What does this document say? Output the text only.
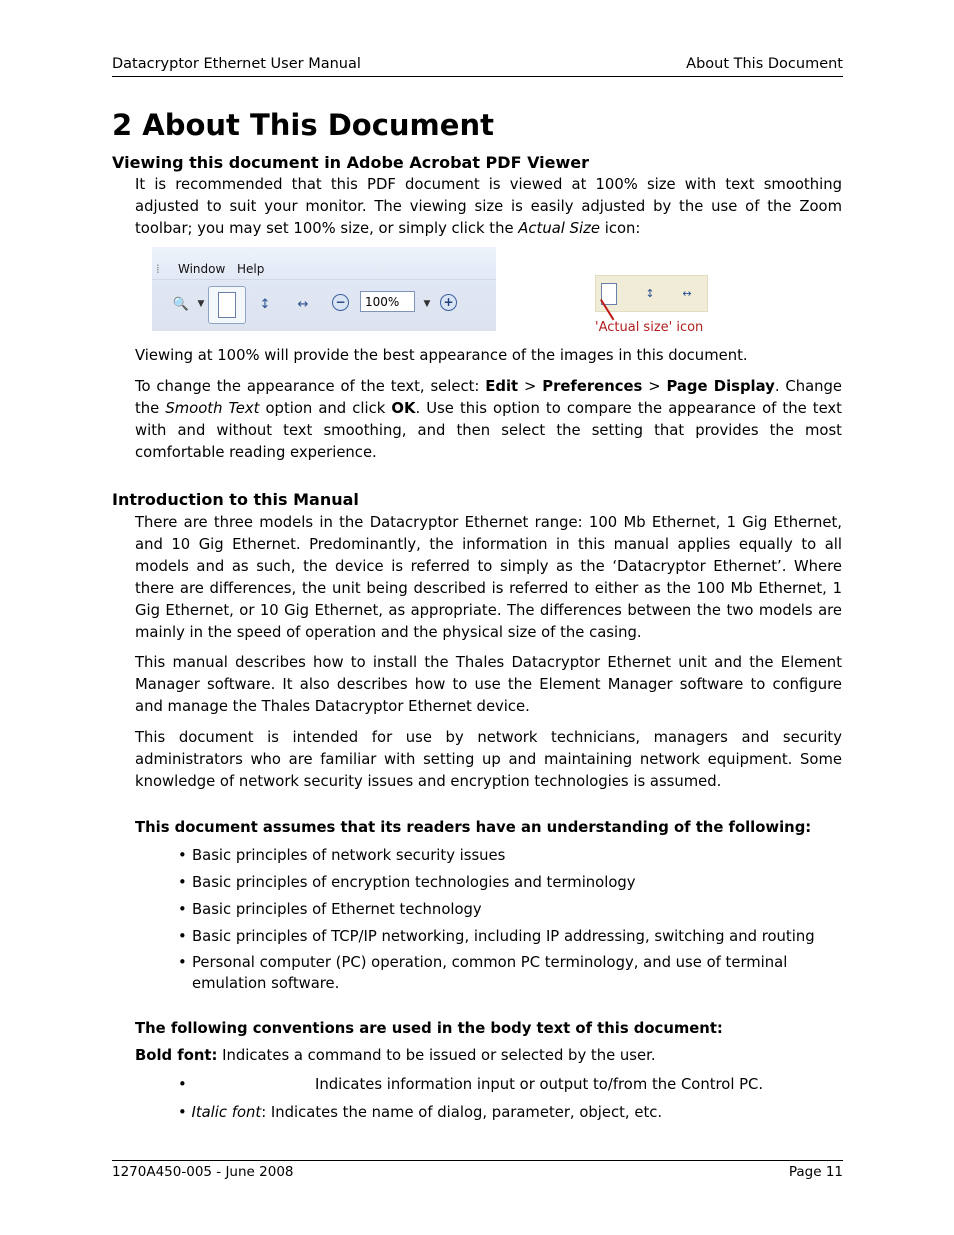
Datacryptor Ethernet User Manual	About This Document
2 About This Document
Viewing this document in Adobe Acrobat PDF Viewer

It is recommended that this PDF document is viewed at 100% size with text smoothing adjusted to suit your monitor. The viewing size is easily adjusted by the use of the Zoom toolbar; you may set 100% size, or simply click the Actual Size icon:

⁞ Window Help
🔍 ▼	↕	↔	−	100%	▼	+
↕	↔
'Actual size' icon

Viewing at 100% will provide the best appearance of the images in this document.

To change the appearance of the text, select: Edit > Preferences > Page Display. Change the Smooth Text option and click OK. Use this option to compare the appearance of the text with and without text smoothing, and then select the setting that provides the most comfortable reading experience.

Introduction to this Manual

There are three models in the Datacryptor Ethernet range: 100 Mb Ethernet, 1 Gig Ethernet, and 10 Gig Ethernet. Predominantly, the information in this manual applies equally to all models and as such, the device is referred to simply as the ‘Datacryptor Ethernet’. Where there are differences, the unit being described is referred to either as the 100 Mb Ethernet, 1 Gig Ethernet, or 10 Gig Ethernet, as appropriate. The differences between the two models are mainly in the speed of operation and the physical size of the casing.

This manual describes how to install the Thales Datacryptor Ethernet unit and the Element Manager software. It also describes how to use the Element Manager software to configure and manage the Thales Datacryptor Ethernet device.

This document is intended for use by network technicians, managers and security administrators who are familiar with setting up and maintaining network equipment. Some knowledge of network security issues and encryption technologies is assumed.

This document assumes that its readers have an understanding of the following:

• Basic principles of network security issues
• Basic principles of encryption technologies and terminology
• Basic principles of Ethernet technology
• Basic principles of TCP/IP networking, including IP addressing, switching and routing
• Personal computer (PC) operation, common PC terminology, and use of terminal emulation software.

The following conventions are used in the body text of this document:

Bold font: Indicates a command to be issued or selected by the user.

•	Indicates information input or output to/from the Control PC.

• Italic font: Indicates the name of dialog, parameter, object, etc.

1270A450-005 - June 2008	Page 11
